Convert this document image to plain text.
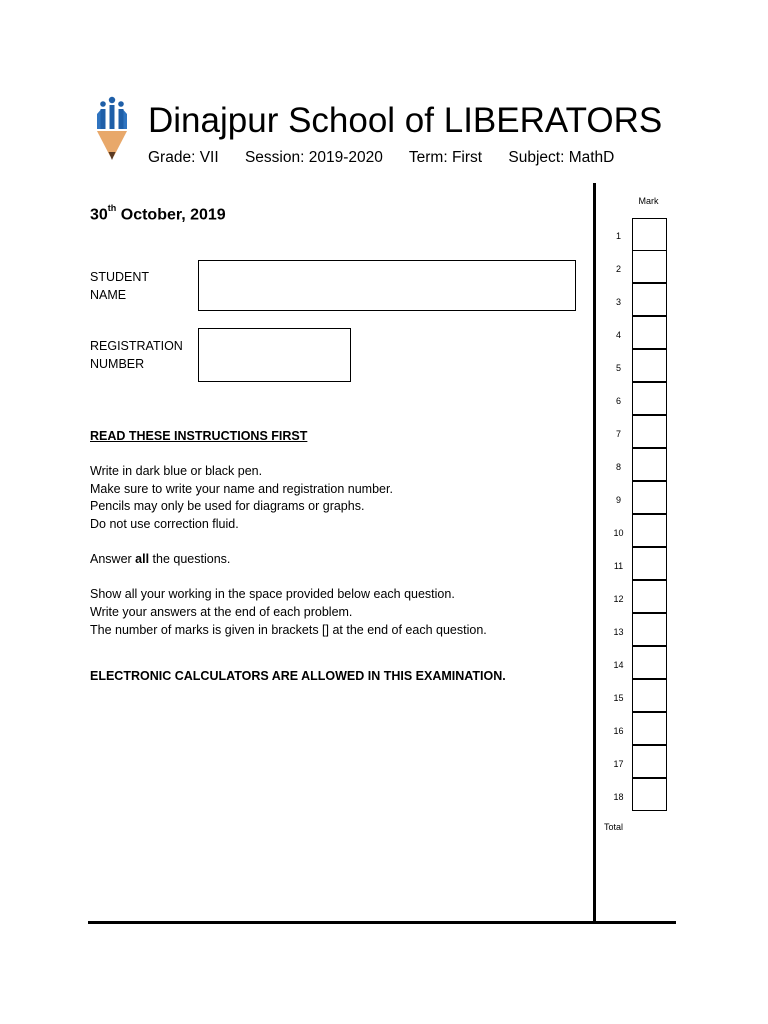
Dinajpur School of LIBERATORS
Grade: VII Session: 2019-2020 Term: First Subject: MathD
30th October, 2019
STUDENT
NAME
REGISTRATION
NUMBER

READ THESE INSTRUCTIONS FIRST

Write in dark blue or black pen.

Make sure to write your name and registration number.

Pencils may only be used for diagrams or graphs.

Do not use correction fluid.

Answer all the questions.

Show all your working in the space provided below each question.

Write your answers at the end of each problem.

The number of marks is given in brackets [] at the end of each question.

ELECTRONIC CALCULATORS ARE ALLOWED IN THIS EXAMINATION.
Mark
1
2
3
4
5
6
7
8
9
10
11
12
13
14
15
16
17
18
Total
